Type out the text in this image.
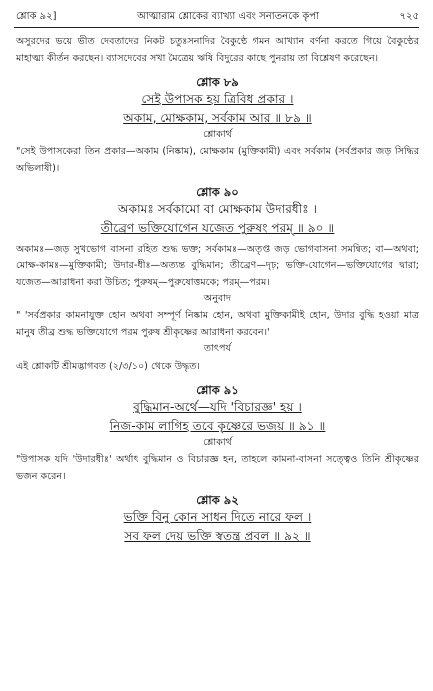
শ্লোক ৯২]	আত্মারাম শ্লোকের ব্যাখ্যা এবং সনাতনকে কৃপা	৭২৫
অসুরদের ভয়ে ভীত দেবতাদের নিকট চতুঃসনাদির বৈকুণ্ঠে গমন আখ্যান বর্ণনা করতে গিয়ে বৈকুণ্ঠের মাহাত্ম্য কীর্তন করছেন। ব্যাসদেবের সখা মৈত্রেয় ঋষি বিদুরের কাছে পুনরায় তা বিশ্লেষণ করেছেন।
শ্লোক ৮৯
সেই উপাসক হয় ত্রিবিধ প্রকার ।
অকাম, মোক্ষকাম, সর্বকাম আর ॥ ৮৯ ॥
শ্লোকার্থ
"সেই উপাসকেরা তিন প্রকার—অকাম (নিষ্কাম), মোক্ষকাম (মুক্তিকামী) এবং সর্বকাম (সর্বপ্রকার জড় সিদ্ধির অভিলাষী)।
শ্লোক ৯০
অকামঃ সর্বকামো বা মোক্ষকাম উদারধীঃ ।
তীব্রেণ ভক্তিযোগেন যজেত পুরুষং পরম্ ॥ ৯০ ॥
অকামঃ—জড় সুখভোগ বাসনা রহিত শুদ্ধ ভক্ত; সর্বকামঃ—অতৃপ্ত জড় ভোগবাসনা সমন্বিত; বা—অথবা; মোক্ষ-কামঃ—মুক্তিকামী; উদার-ধীঃ—অত্যন্ত বুদ্ধিমান; তীব্রেণ—দৃঢ়; ভক্তি-যোগেন—ভক্তিযোগের দ্বারা; যজেত—আরাধনা করা উচিত; পুরুষম্—পুরুষোত্তমকে; পরম্—পরম।
অনুবাদ
" 'সর্বপ্রকার কামনাযুক্ত হোন অথবা সম্পূর্ণ নিষ্কাম হোন, অথবা মুক্তিকামীই হোন, উদার বুদ্ধি হওয়া মাত্র মানুষ তীব্র শুদ্ধ ভক্তিযোগে পরম পুরুষ শ্রীকৃষ্ণের আরাধনা করবেন।'
তাৎপর্য
এই শ্লোকটি শ্রীমদ্ভাগবত (২/৩/১০) থেকে উদ্ধৃত।
শ্লোক ৯১
বুদ্ধিমান-অর্থে—যদি 'বিচারজ্ঞ' হয় ।
নিজ-কাম লাগিহ তবে কৃষ্ণেরে ভজয় ॥ ৯১ ॥
শ্লোকার্থ
"উপাসক যদি 'উদারধীঃ' অর্থাৎ বুদ্ধিমান ও বিচারজ্ঞ হন, তাহলে কামনা-বাসনা সত্ত্বেও তিনি শ্রীকৃষ্ণের ভজন করেন।
শ্লোক ৯২
ভক্তি বিনু কোন সাধন দিতে নারে ফল ।
সব ফল দেয় ভক্তি স্বতন্ত্র প্রবল ॥ ৯২ ॥
